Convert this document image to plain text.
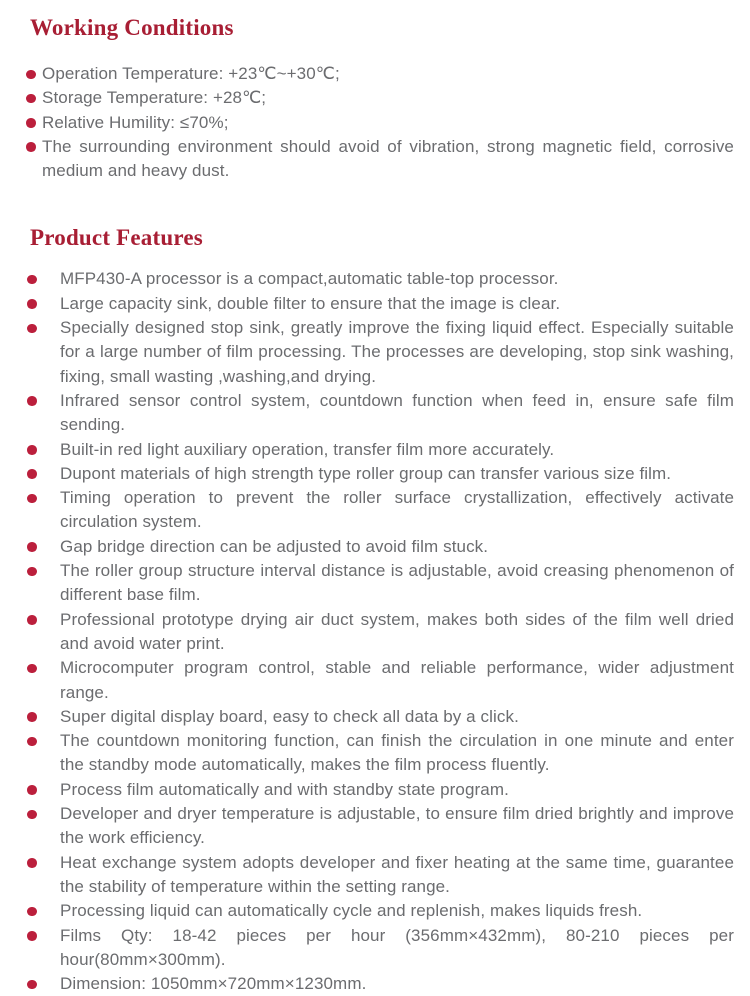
Working Conditions
Operation Temperature: +23℃~+30℃;
Storage Temperature: +28℃;
Relative Humility: ≤70%;
The surrounding environment should avoid of vibration, strong magnetic field, corrosive medium and heavy dust.
Product Features
MFP430-A processor is a compact,automatic table-top processor.
Large capacity sink, double filter to ensure that the image is clear.
Specially designed stop sink, greatly improve the fixing liquid effect. Especially suitable for a large number of film processing. The processes are developing, stop sink washing, fixing, small wasting ,washing,and drying.
Infrared sensor control system, countdown function when feed in, ensure safe film sending.
Built-in red light auxiliary operation, transfer film more accurately.
Dupont materials of high strength type roller group can transfer various size film.
Timing operation to prevent the roller surface crystallization, effectively activate circulation system.
Gap bridge direction can be adjusted to avoid film stuck.
The roller group structure interval distance is adjustable, avoid creasing phenomenon of different base film.
Professional prototype drying air duct system, makes both sides of the film well dried and avoid water print.
Microcomputer program control, stable and reliable performance, wider adjustment range.
Super digital display board, easy to check all data by a click.
The countdown monitoring function, can finish the circulation in one minute and enter the standby mode automatically, makes the film process fluently.
Process film automatically and with standby state program.
Developer and dryer temperature is adjustable, to ensure film dried brightly and improve the work efficiency.
Heat exchange system adopts developer and fixer heating at the same time, guarantee the stability of temperature within the setting range.
Processing liquid can automatically cycle and replenish, makes liquids fresh.
Films Qty: 18-42 pieces per hour (356mm×432mm), 80-210 pieces per hour(80mm×300mm).
Dimension: 1050mm×720mm×1230mm.
